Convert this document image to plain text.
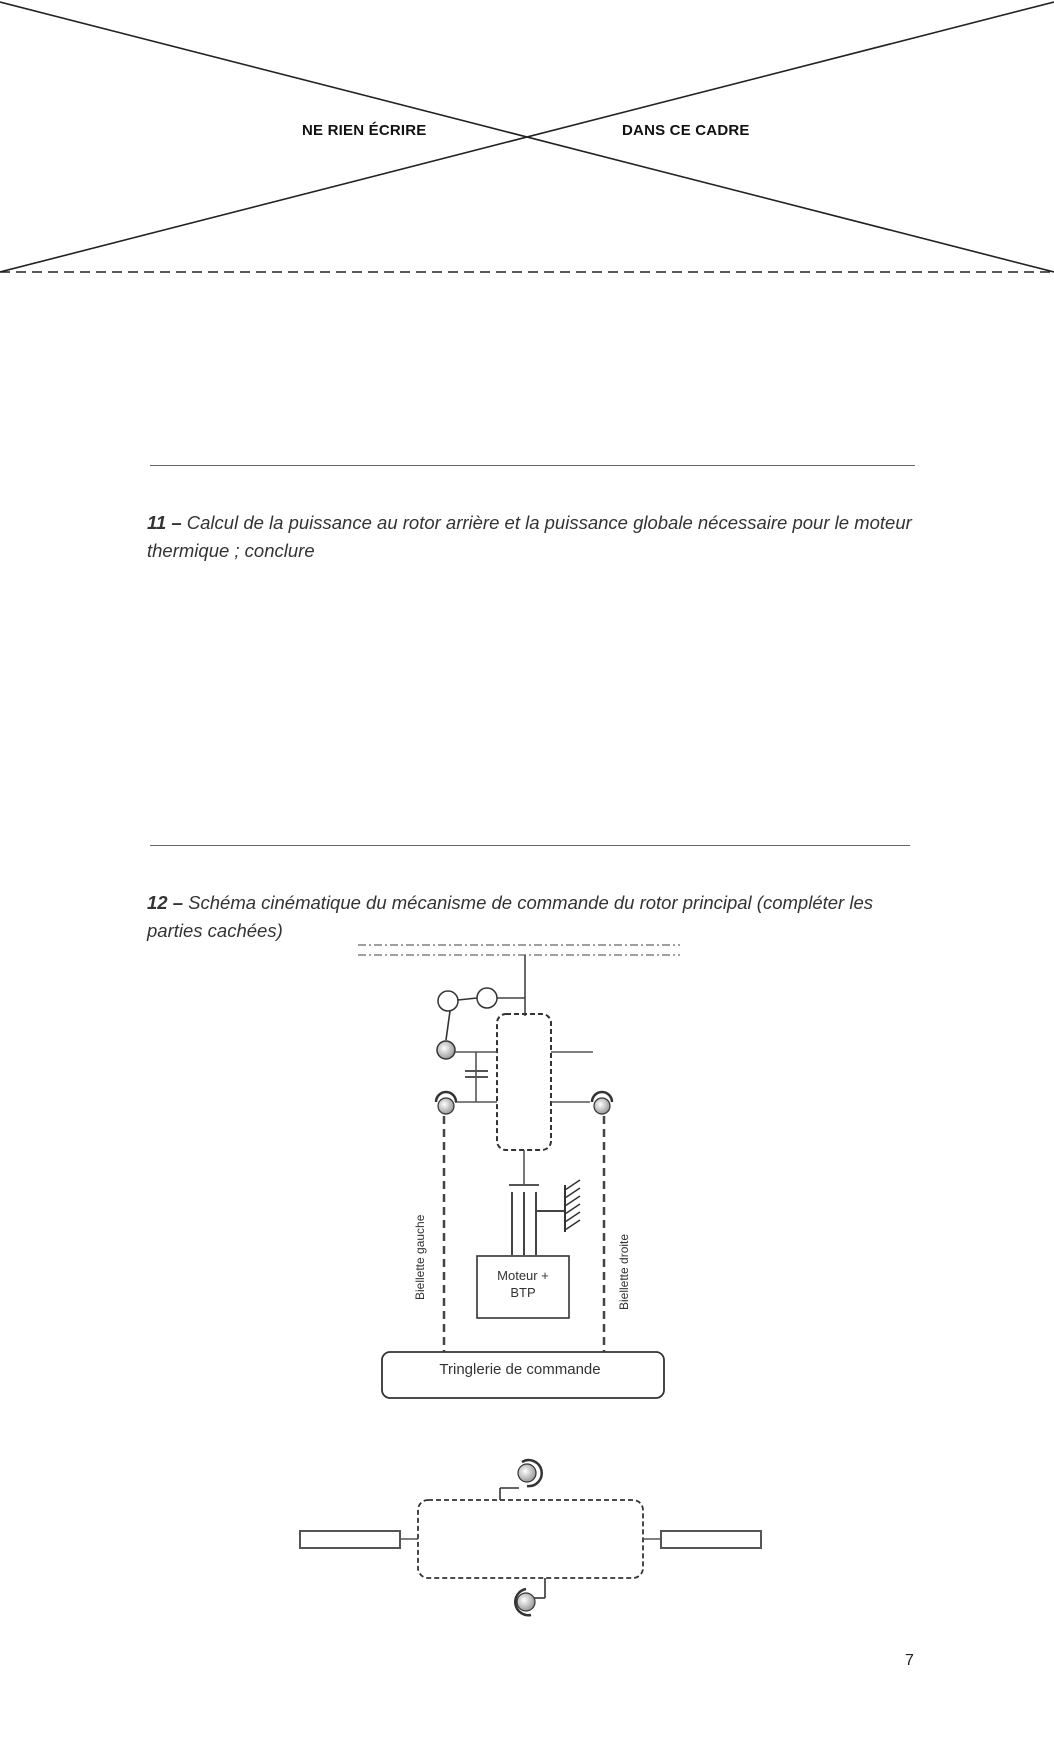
NE RIEN ÉCRIRE	DANS CE CADRE
11 – Calcul de la puissance au rotor arrière et la puissance globale nécessaire pour le moteur thermique ; conclure
12 – Schéma cinématique du mécanisme de commande du rotor principal (compléter les parties cachées)
Moteur +
BTP
Biellette gauche	Biellette droite
Tringlerie de commande
7
